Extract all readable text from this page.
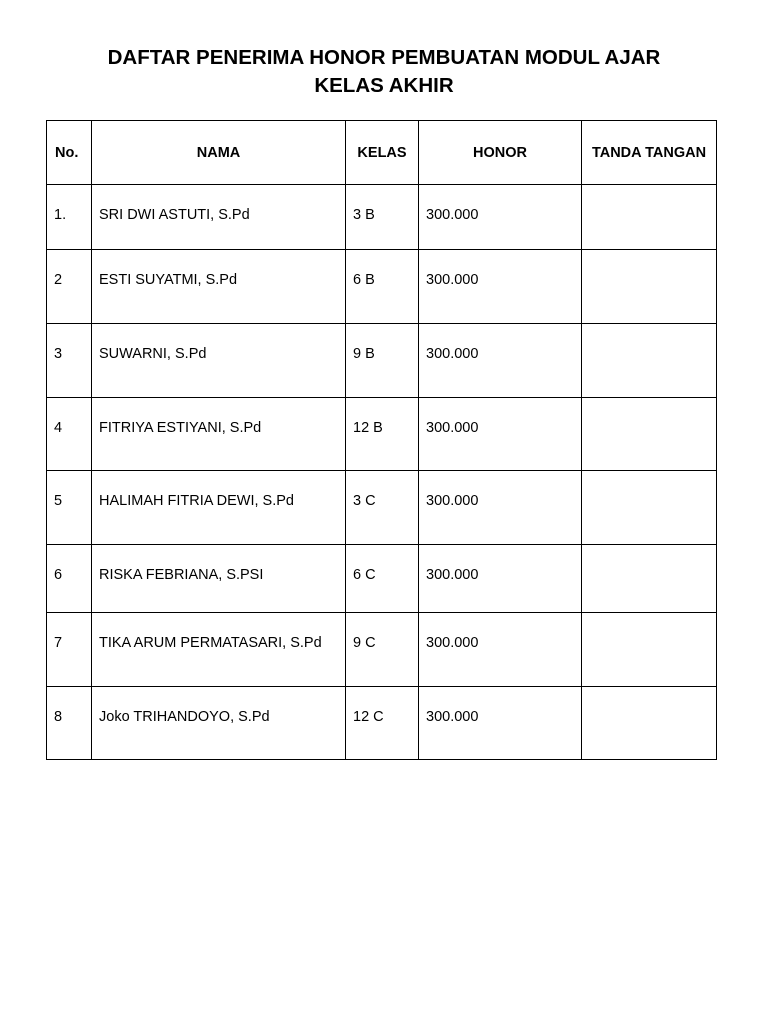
DAFTAR PENERIMA HONOR PEMBUATAN MODUL AJAR
KELAS AKHIR
No.	NAMA	KELAS	HONOR	TANDA TANGAN
1.	SRI DWI ASTUTI, S.Pd	3 B	300.000	
2	ESTI SUYATMI, S.Pd	6 B	300.000	
3	SUWARNI, S.Pd	9 B	300.000	
4	FITRIYA ESTIYANI, S.Pd	12 B	300.000	
5	HALIMAH FITRIA DEWI, S.Pd	3 C	300.000	
6	RISKA FEBRIANA, S.PSI	6 C	300.000	
7	TIKA ARUM PERMATASARI, S.Pd	9 C	300.000	
8	Joko TRIHANDOYO, S.Pd	12 C	300.000	
